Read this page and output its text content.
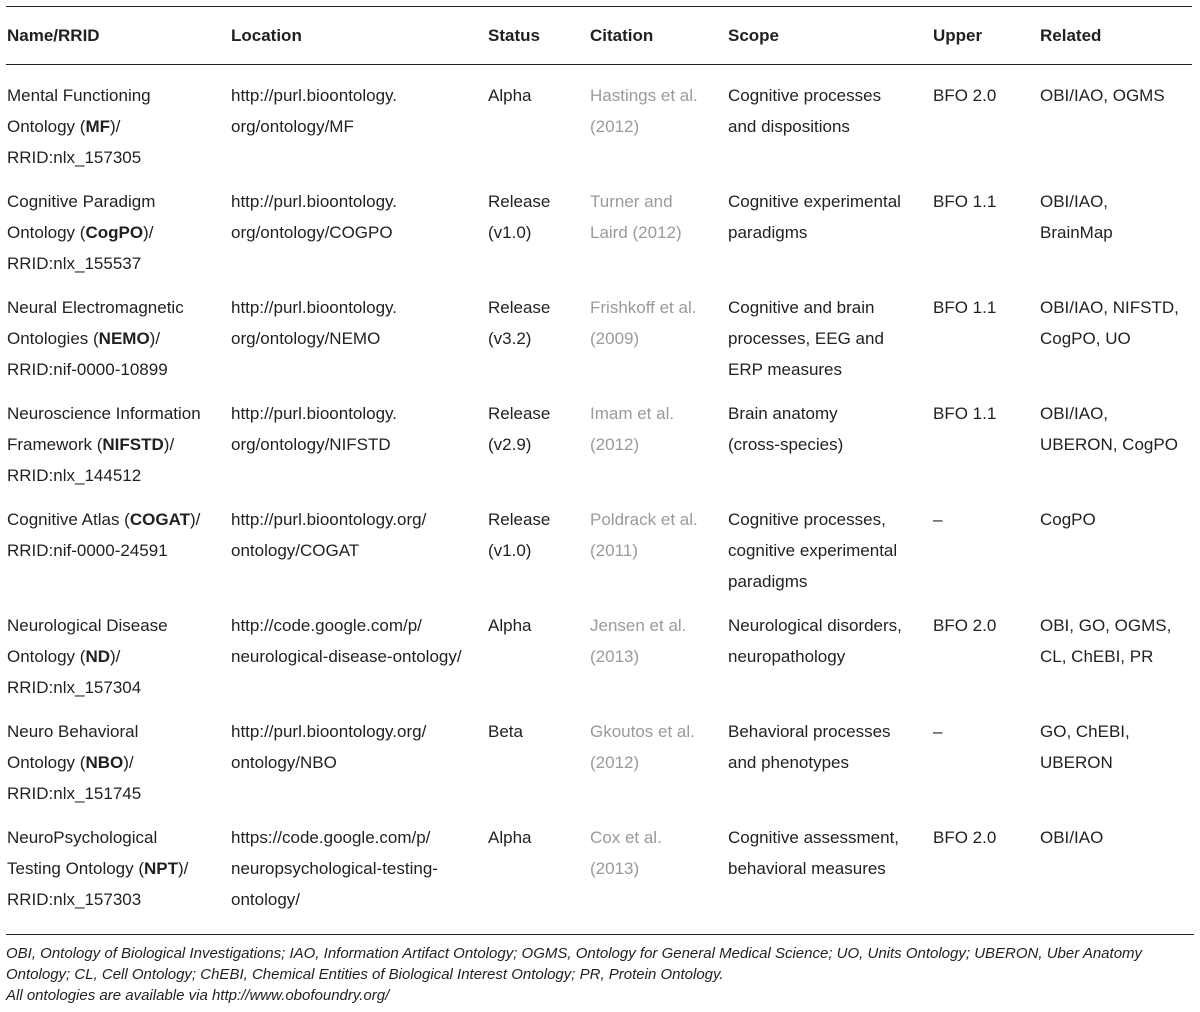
Name/RRID	Location	Status	Citation	Scope	Upper	Related
Mental Functioning
Ontology (MF)/
RRID:nlx_157305	http://purl.bioontology.
org/ontology/MF	Alpha	Hastings et al.
(2012)	Cognitive processes
and dispositions	BFO 2.0	OBI/IAO, OGMS
Cognitive Paradigm
Ontology (CogPO)/
RRID:nlx_155537	http://purl.bioontology.
org/ontology/COGPO	Release
(v1.0)	Turner and
Laird (2012)	Cognitive experimental
paradigms	BFO 1.1	OBI/IAO,
BrainMap
Neural Electromagnetic
Ontologies (NEMO)/
RRID:nif-0000-10899	http://purl.bioontology.
org/ontology/NEMO	Release
(v3.2)	Frishkoff et al.
(2009)	Cognitive and brain
processes, EEG and
ERP measures	BFO 1.1	OBI/IAO, NIFSTD,
CogPO, UO
Neuroscience Information
Framework (NIFSTD)/
RRID:nlx_144512	http://purl.bioontology.
org/ontology/NIFSTD	Release
(v2.9)	Imam et al.
(2012)	Brain anatomy
(cross-species)	BFO 1.1	OBI/IAO,
UBERON, CogPO
Cognitive Atlas (COGAT)/
RRID:nif-0000-24591	http://purl.bioontology.org/
ontology/COGAT	Release
(v1.0)	Poldrack et al.
(2011)	Cognitive processes,
cognitive experimental
paradigms	–	CogPO
Neurological Disease
Ontology (ND)/
RRID:nlx_157304	http://code.google.com/p/
neurological-disease-ontology/	Alpha	Jensen et al.
(2013)	Neurological disorders,
neuropathology	BFO 2.0	OBI, GO, OGMS,
CL, ChEBI, PR
Neuro Behavioral
Ontology (NBO)/
RRID:nlx_151745	http://purl.bioontology.org/
ontology/NBO	Beta	Gkoutos et al.
(2012)	Behavioral processes
and phenotypes	–	GO, ChEBI,
UBERON
NeuroPsychological
Testing Ontology (NPT)/
RRID:nlx_157303	https://code.google.com/p/
neuropsychological-testing-
ontology/	Alpha	Cox et al.
(2013)	Cognitive assessment,
behavioral measures	BFO 2.0	OBI/IAO

OBI, Ontology of Biological Investigations; IAO, Information Artifact Ontology; OGMS, Ontology for General Medical Science; UO, Units Ontology; UBERON, Uber Anatomy Ontology; CL, Cell Ontology; ChEBI, Chemical Entities of Biological Interest Ontology; PR, Protein Ontology.

All ontologies are available via http://www.obofoundry.org/
